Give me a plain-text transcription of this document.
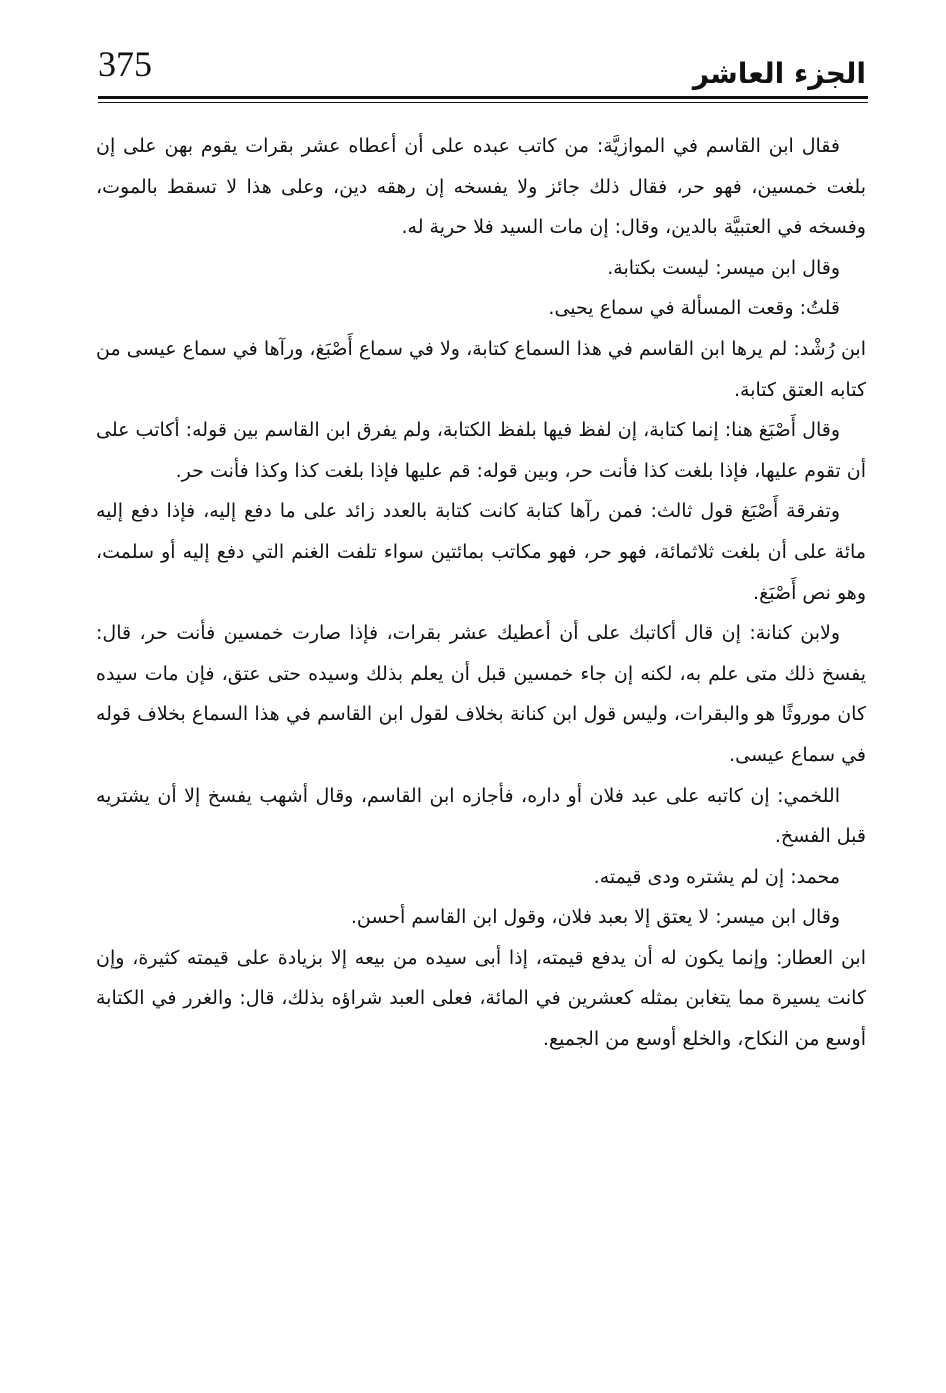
375	الجزء العاشر

فقال ابن القاسم في الموازيَّة: من كاتب عبده على أن أعطاه عشر بقرات يقوم بهن على إن بلغت خمسين، فهو حر، فقال ذلك جائز ولا يفسخه إن رهقه دين، وعلى هذا لا تسقط بالموت، وفسخه في العتبيَّة بالدين، وقال: إن مات السيد فلا حرية له.

وقال ابن ميسر: ليست بكتابة.

قلتُ: وقعت المسألة في سماع يحيى.

ابن رُشْد: لم يرها ابن القاسم في هذا السماع كتابة، ولا في سماع أَصْبَغ، ورآها في سماع عيسى من كتابه العتق كتابة.

وقال أَصْبَغ هنا: إنما كتابة، إن لفظ فيها بلفظ الكتابة، ولم يفرق ابن القاسم بين قوله: أكاتب على أن تقوم عليها، فإذا بلغت كذا فأنت حر، وبين قوله: قم عليها فإذا بلغت كذا وكذا فأنت حر.

وتفرقة أَصْبَغ قول ثالث: فمن رآها كتابة كانت كتابة بالعدد زائد على ما دفع إليه، فإذا دفع إليه مائة على أن بلغت ثلاثمائة، فهو حر، فهو مكاتب بمائتين سواء تلفت الغنم التي دفع إليه أو سلمت، وهو نص أَصْبَغ.

ولابن كنانة: إن قال أكاتبك على أن أعطيك عشر بقرات، فإذا صارت خمسين فأنت حر، قال: يفسخ ذلك متى علم به، لكنه إن جاء خمسين قبل أن يعلم بذلك وسيده حتى عتق، فإن مات سيده كان موروثًا هو والبقرات، وليس قول ابن كنانة بخلاف لقول ابن القاسم في هذا السماع بخلاف قوله في سماع عيسى.

اللخمي: إن كاتبه على عبد فلان أو داره، فأجازه ابن القاسم، وقال أشهب يفسخ إلا أن يشتريه قبل الفسخ.

محمد: إن لم يشتره ودى قيمته.

وقال ابن ميسر: لا يعتق إلا بعبد فلان، وقول ابن القاسم أحسن.

ابن العطار: وإنما يكون له أن يدفع قيمته، إذا أبى سيده من بيعه إلا بزيادة على قيمته كثيرة، وإن كانت يسيرة مما يتغابن بمثله كعشرين في المائة، فعلى العبد شراؤه بذلك، قال: والغرر في الكتابة أوسع من النكاح، والخلع أوسع من الجميع.
